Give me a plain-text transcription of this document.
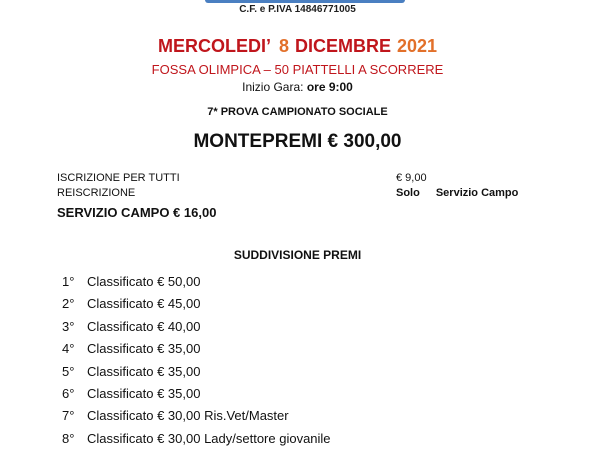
C.F. e P.IVA 14846771005
MERCOLEDI’ 8 DICEMBRE 2021
FOSSA OLIMPICA – 50 PIATTELLI A SCORRERE
Inizio Gara: ore 9:00
7* PROVA CAMPIONATO SOCIALE
MONTEPREMI € 300,00
ISCRIZIONE PER TUTTI	€ 9,00
REISCRIZIONE	Solo Servizio Campo
SERVIZIO CAMPO € 16,00
SUDDIVISIONE PREMI
1° Classificato € 50,00
2° Classificato € 45,00
3° Classificato € 40,00
4° Classificato € 35,00
5° Classificato € 35,00
6° Classificato € 35,00
7° Classificato € 30,00 Ris.Vet/Master
8° Classificato € 30,00 Lady/settore giovanile
